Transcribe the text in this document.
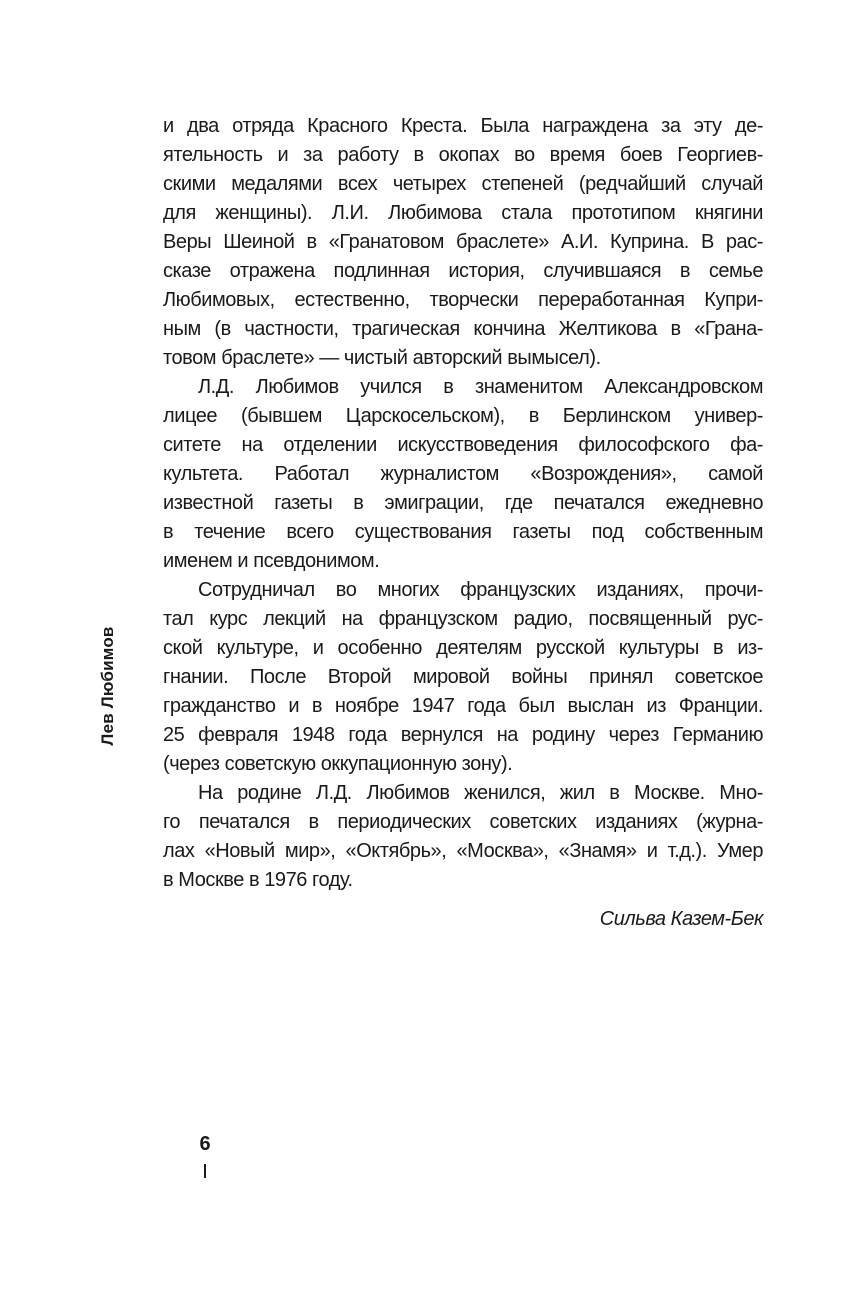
6
Лев Любимов
и два отряда Красного Креста. Была награждена за эту де-
ятельность и за работу в окопах во время боев Георгиев-
скими медалями всех четырех степеней (редчайший случай
для женщины). Л.И. Любимова стала прототипом княгини
Веры Шеиной в «Гранатовом браслете» А.И. Куприна. В рас-
сказе отражена подлинная история, случившаяся в семье
Любимовых, естественно, творчески переработанная Купри-
ным (в частности, трагическая кончина Желтикова в «Грана-
товом браслете» — чистый авторский вымысел).
Л.Д. Любимов учился в знаменитом Александровском
лицее (бывшем Царскосельском), в Берлинском универ-
ситете на отделении искусствоведения философского фа-
культета. Работал журналистом «Возрождения», самой
известной газеты в эмиграции, где печатался ежедневно
в течение всего существования газеты под собственным
именем и псевдонимом.
Сотрудничал во многих французских изданиях, прочи-
тал курс лекций на французском радио, посвященный рус-
ской культуре, и особенно деятелям русской культуры в из-
гнании. После Второй мировой войны принял советское
гражданство и в ноябре 1947 года был выслан из Франции.
25 февраля 1948 года вернулся на родину через Германию
(через советскую оккупационную зону).
На родине Л.Д. Любимов женился, жил в Москве. Мно-
го печатался в периодических советских изданиях (журна-
лах «Новый мир», «Октябрь», «Москва», «Знамя» и т.д.). Умер
в Москве в 1976 году.
Сильва Казем-Бек
